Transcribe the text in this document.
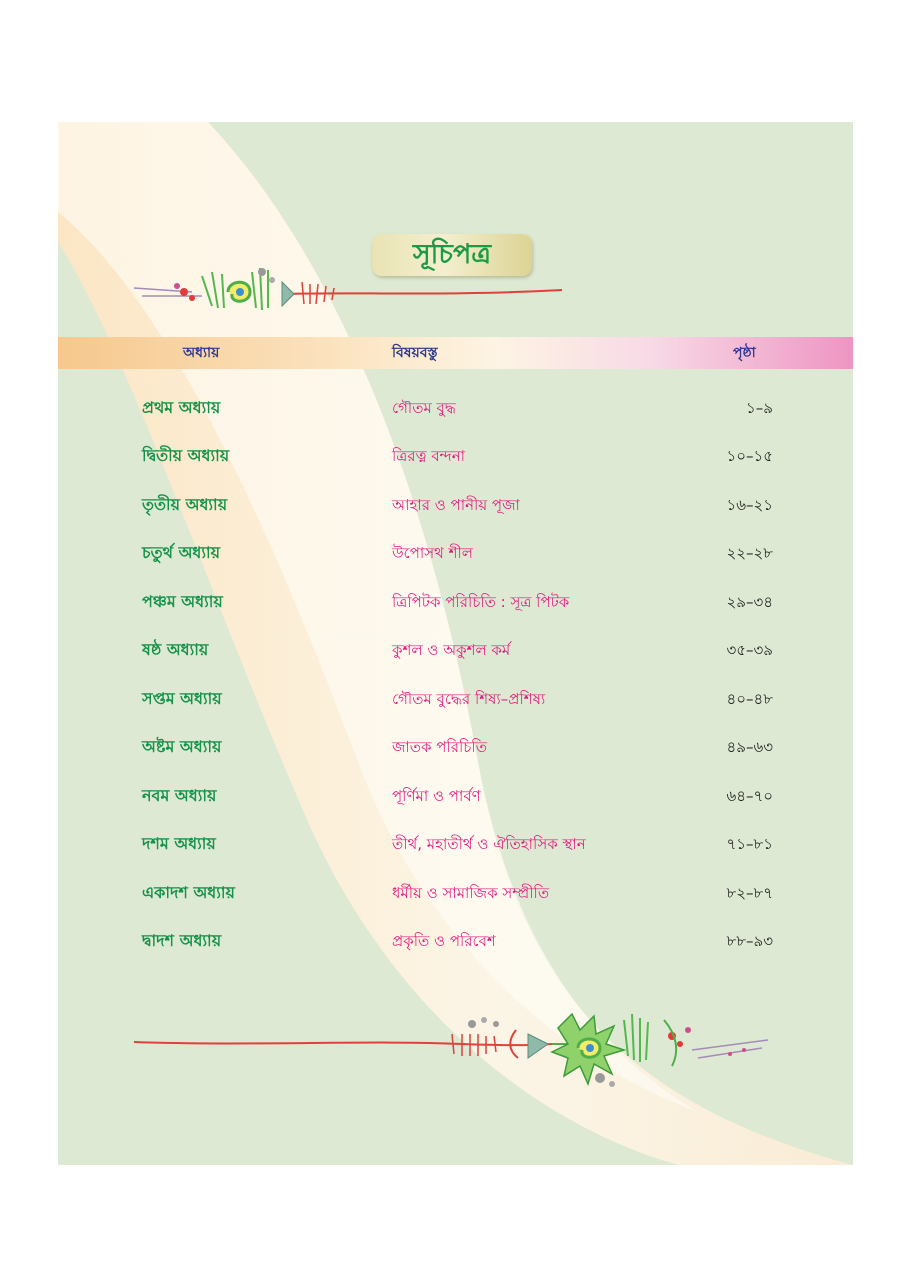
সূচিপত্র
অধ্যায়	বিষয়বস্তু	পৃষ্ঠা
প্রথম অধ্যায়	গৌতম বুদ্ধ	১–৯
দ্বিতীয় অধ্যায়	ত্রিরত্ন বন্দনা	১০–১৫
তৃতীয় অধ্যায়	আহার ও পানীয় পূজা	১৬–২১
চতুর্থ অধ্যায়	উপোসথ শীল	২২–২৮
পঞ্চম অধ্যায়	ত্রিপিটক পরিচিতি : সূত্র পিটক	২৯–৩৪
ষষ্ঠ অধ্যায়	কুশল ও অকুশল কর্ম	৩৫–৩৯
সপ্তম অধ্যায়	গৌতম বুদ্ধের শিষ্য–প্রশিষ্য	৪০–৪৮
অষ্টম অধ্যায়	জাতক পরিচিতি	৪৯–৬৩
নবম অধ্যায়	পূর্ণিমা ও পার্বণ	৬৪–৭০
দশম অধ্যায়	তীর্থ, মহাতীর্থ ও ঐতিহাসিক স্থান	৭১–৮১
একাদশ অধ্যায়	ধর্মীয় ও সামাজিক সম্প্রীতি	৮২–৮৭
দ্বাদশ অধ্যায়	প্রকৃতি ও পরিবেশ	৮৮–৯৩
